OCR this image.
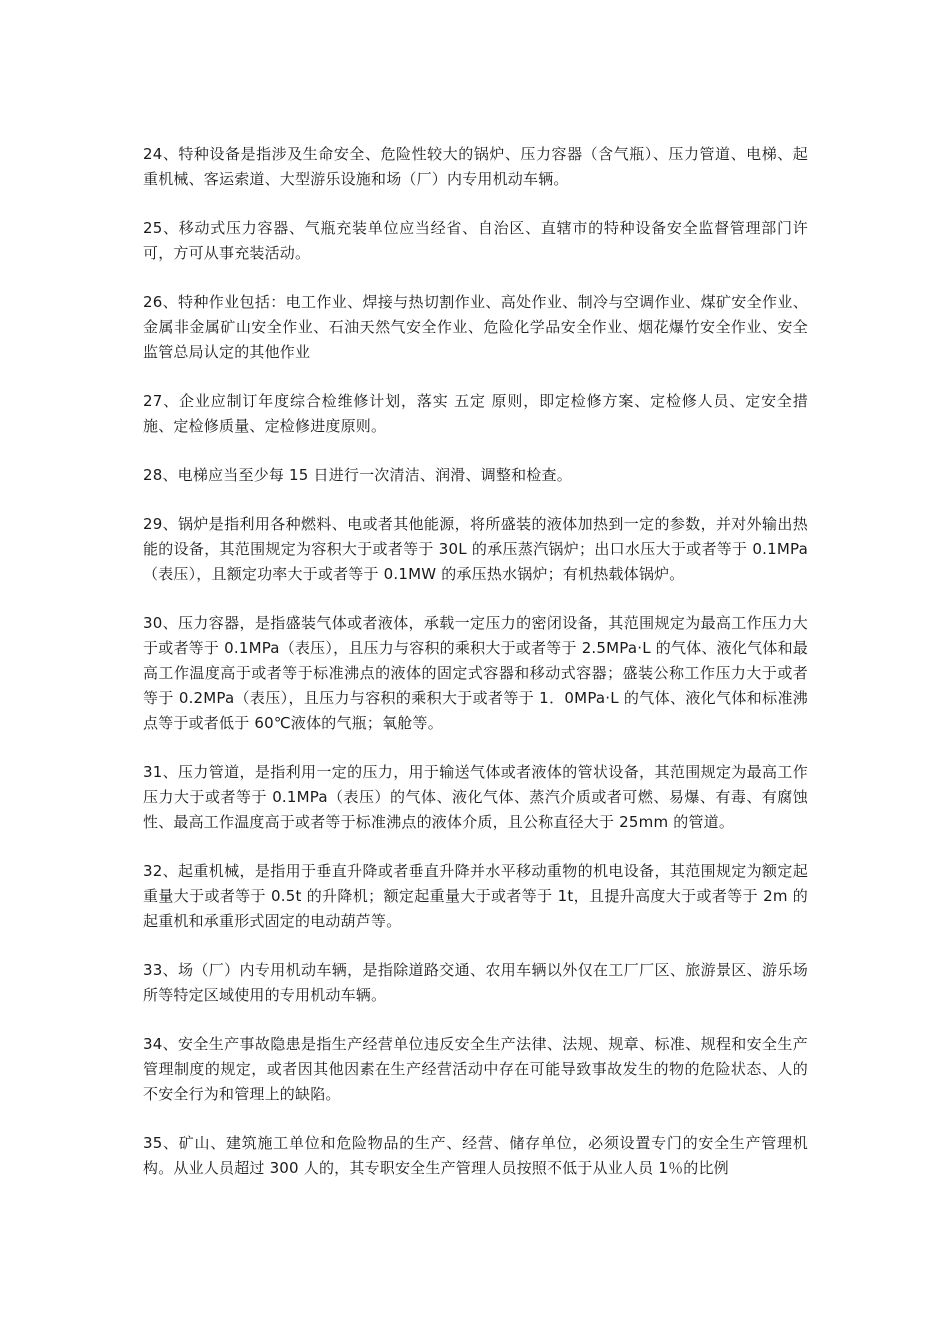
24、特种设备是指涉及生命安全、危险性较大的锅炉、压力容器（含气瓶）、压力管道、电梯、起重机械、客运索道、大型游乐设施和场（厂）内专用机动车辆。

25、移动式压力容器、气瓶充装单位应当经省、自治区、直辖市的特种设备安全监督管理部门许可，方可从事充装活动。

26、特种作业包括：电工作业、焊接与热切割作业、高处作业、制冷与空调作业、煤矿安全作业、金属非金属矿山安全作业、石油天然气安全作业、危险化学品安全作业、烟花爆竹安全作业、安全监管总局认定的其他作业

27、企业应制订年度综合检维修计划，落实 五定 原则，即定检修方案、定检修人员、定安全措施、定检修质量、定检修进度原则。

28、电梯应当至少每 15 日进行一次清洁、润滑、调整和检查。

29、锅炉是指利用各种燃料、电或者其他能源，将所盛装的液体加热到一定的参数，并对外输出热能的设备，其范围规定为容积大于或者等于 30L 的承压蒸汽锅炉；出口水压大于或者等于 0.1MPa（表压），且额定功率大于或者等于 0.1MW 的承压热水锅炉；有机热载体锅炉。

30、压力容器，是指盛装气体或者液体，承载一定压力的密闭设备，其范围规定为最高工作压力大于或者等于 0.1MPa（表压），且压力与容积的乘积大于或者等于 2.5MPa·L 的气体、液化气体和最高工作温度高于或者等于标准沸点的液体的固定式容器和移动式容器；盛装公称工作压力大于或者等于 0.2MPa（表压），且压力与容积的乘积大于或者等于 1．0MPa·L 的气体、液化气体和标准沸点等于或者低于 60℃液体的气瓶；氧舱等。

31、压力管道，是指利用一定的压力，用于输送气体或者液体的管状设备，其范围规定为最高工作压力大于或者等于 0.1MPa（表压）的气体、液化气体、蒸汽介质或者可燃、易爆、有毒、有腐蚀性、最高工作温度高于或者等于标准沸点的液体介质，且公称直径大于 25mm 的管道。

32、起重机械，是指用于垂直升降或者垂直升降并水平移动重物的机电设备，其范围规定为额定起重量大于或者等于 0.5t 的升降机；额定起重量大于或者等于 1t，且提升高度大于或者等于 2m 的起重机和承重形式固定的电动葫芦等。

33、场（厂）内专用机动车辆，是指除道路交通、农用车辆以外仅在工厂厂区、旅游景区、游乐场所等特定区域使用的专用机动车辆。

34、安全生产事故隐患是指生产经营单位违反安全生产法律、法规、规章、标准、规程和安全生产管理制度的规定，或者因其他因素在生产经营活动中存在可能导致事故发生的物的危险状态、人的不安全行为和管理上的缺陷。

35、矿山、建筑施工单位和危险物品的生产、经营、储存单位，必须设置专门的安全生产管理机构。从业人员超过 300 人的，其专职安全生产管理人员按照不低于从业人员 1％的比例
